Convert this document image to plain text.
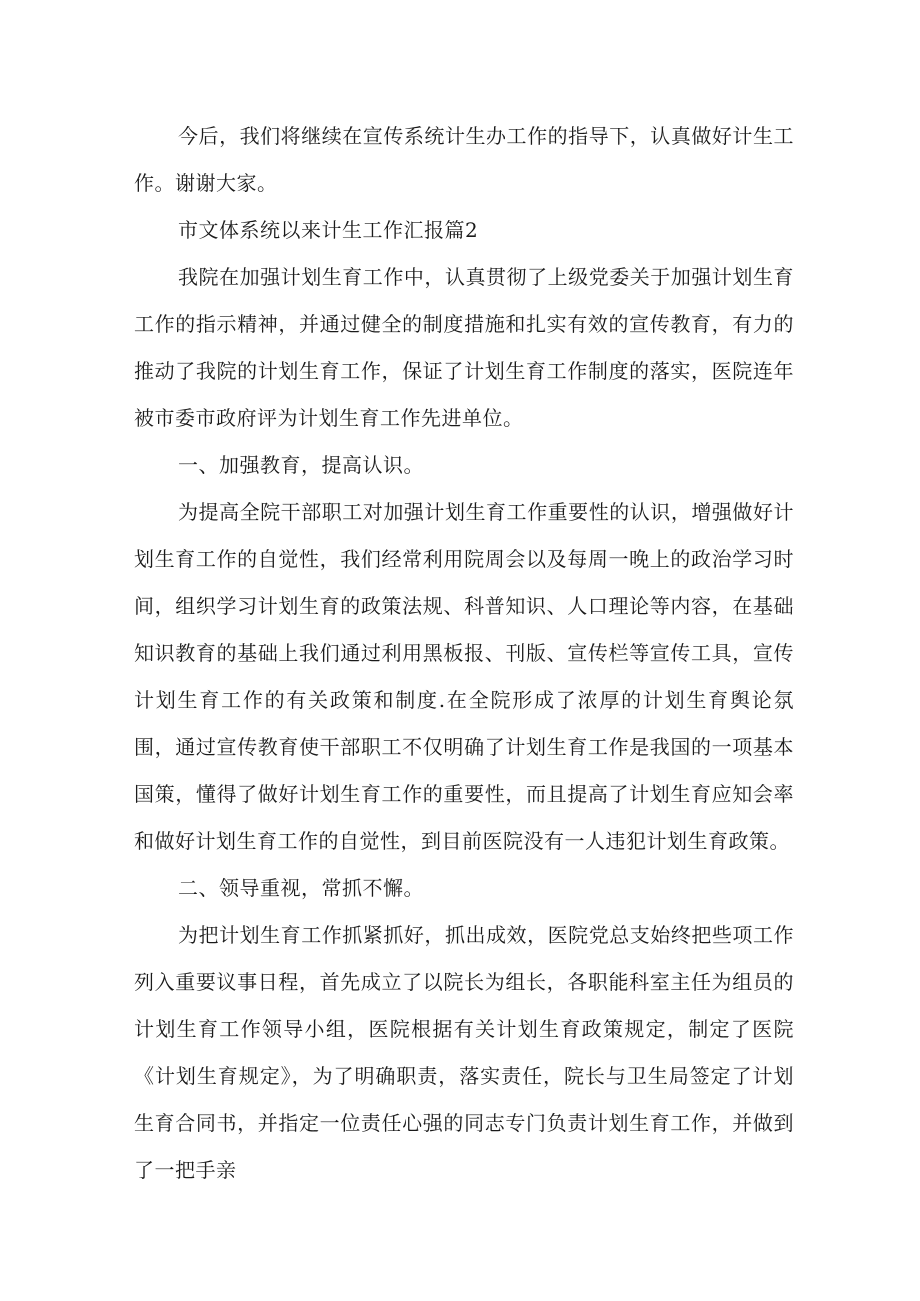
今后，我们将继续在宣传系统计生办工作的指导下，认真做好计生工作。谢谢大家。

市文体系统以来计生工作汇报篇2

我院在加强计划生育工作中，认真贯彻了上级党委关于加强计划生育工作的指示精神，并通过健全的制度措施和扎实有效的宣传教育，有力的推动了我院的计划生育工作，保证了计划生育工作制度的落实，医院连年被市委市政府评为计划生育工作先进单位。

一、加强教育，提高认识。

为提高全院干部职工对加强计划生育工作重要性的认识，增强做好计划生育工作的自觉性，我们经常利用院周会以及每周一晚上的政治学习时间，组织学习计划生育的政策法规、科普知识、人口理论等内容，在基础知识教育的基础上我们通过利用黑板报、刊版、宣传栏等宣传工具，宣传计划生育工作的有关政策和制度.在全院形成了浓厚的计划生育舆论氛围，通过宣传教育使干部职工不仅明确了计划生育工作是我国的一项基本国策，懂得了做好计划生育工作的重要性，而且提高了计划生育应知会率和做好计划生育工作的自觉性，到目前医院没有一人违犯计划生育政策。

二、领导重视，常抓不懈。

为把计划生育工作抓紧抓好，抓出成效，医院党总支始终把些项工作列入重要议事日程，首先成立了以院长为组长，各职能科室主任为组员的计划生育工作领导小组，医院根据有关计划生育政策规定，制定了医院《计划生育规定》，为了明确职责，落实责任，院长与卫生局签定了计划生育合同书，并指定一位责任心强的同志专门负责计划生育工作，并做到了一把手亲
